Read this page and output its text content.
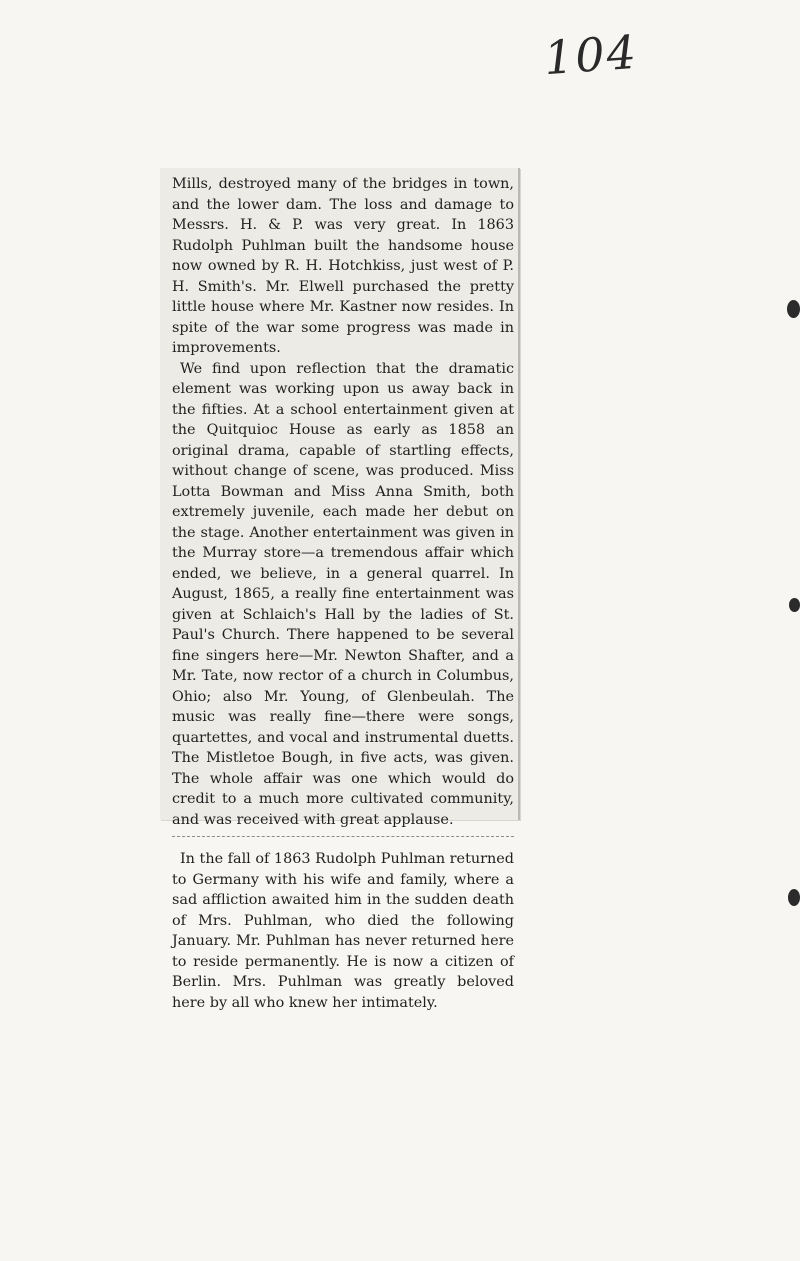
104

Mills, destroyed many of the bridges in town, and the lower dam. The loss and damage to Messrs. H. & P. was very great. In 1863 Rudolph Puhlman built the handsome house now owned by R. H. Hotchkiss, just west of P. H. Smith's. Mr. Elwell purchased the pretty little house where Mr. Kastner now resides. In spite of the war some progress was made in improvements.

We find upon reflection that the dramatic element was working upon us away back in the fifties. At a school entertainment given at the Quitquioc House as early as 1858 an original drama, capable of startling effects, without change of scene, was produced. Miss Lotta Bowman and Miss Anna Smith, both extremely juvenile, each made her debut on the stage. Another entertainment was given in the Murray store—a tremendous affair which ended, we believe, in a general quarrel. In August, 1865, a really fine entertainment was given at Schlaich's Hall by the ladies of St. Paul's Church. There happened to be several fine singers here—Mr. Newton Shafter, and a Mr. Tate, now rector of a church in Columbus, Ohio; also Mr. Young, of Glenbeulah. The music was really fine—there were songs, quartettes, and vocal and instrumental duetts. The Mistletoe Bough, in five acts, was given. The whole affair was one which would do credit to a much more cultivated community, and was received with great applause.

In the fall of 1863 Rudolph Puhlman returned to Germany with his wife and family, where a sad affliction awaited him in the sudden death of Mrs. Puhlman, who died the following January. Mr. Puhlman has never returned here to reside permanently. He is now a citizen of Berlin. Mrs. Puhlman was greatly beloved here by all who knew her intimately.
